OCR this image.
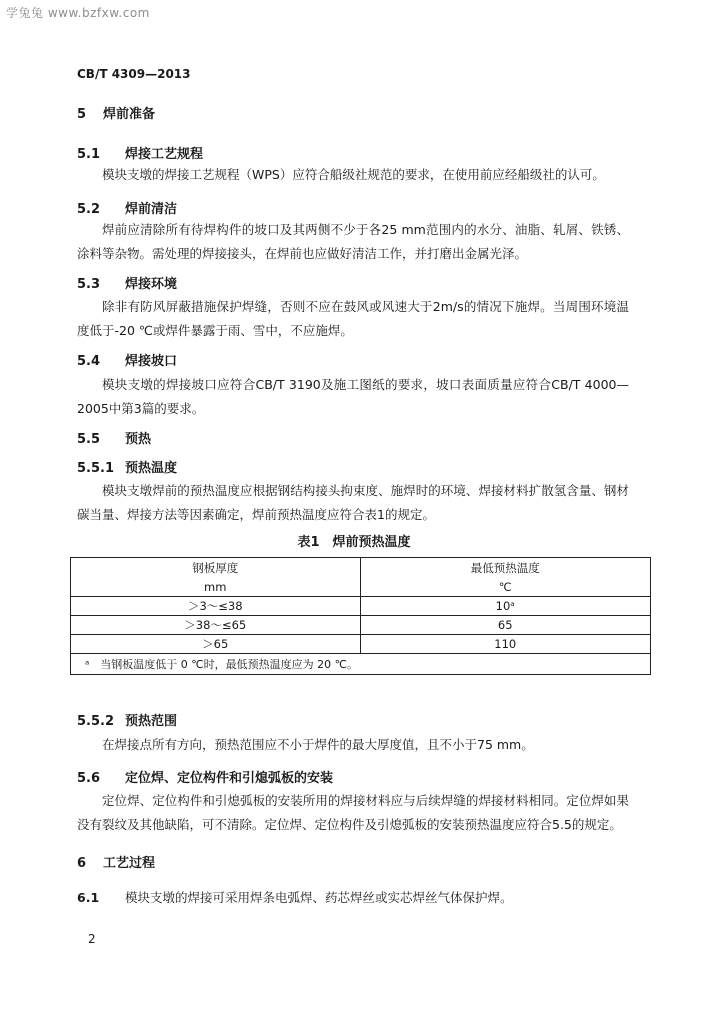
学兔兔 www.bzfxw.com
CB/T 4309—2013
5 焊前准备
5.1 焊接工艺规程
模块支墩的焊接工艺规程（WPS）应符合船级社规范的要求，在使用前应经船级社的认可。
5.2 焊前清洁
焊前应清除所有待焊构件的坡口及其两侧不少于各25 mm范围内的水分、油脂、轧屑、铁锈、涂料等杂物。需处理的焊接接头，在焊前也应做好清洁工作，并打磨出金属光泽。
5.3 焊接环境
除非有防风屏蔽措施保护焊缝，否则不应在鼓风或风速大于2m/s的情况下施焊。当周围环境温度低于-20 ℃或焊件暴露于雨、雪中，不应施焊。
5.4 焊接坡口
模块支墩的焊接坡口应符合CB/T 3190及施工图纸的要求，坡口表面质量应符合CB/T 4000—2005中第3篇的要求。
5.5 预热
5.5.1 预热温度
模块支墩焊前的预热温度应根据钢结构接头拘束度、施焊时的环境、焊接材料扩散氢含量、钢材碳当量、焊接方法等因素确定，焊前预热温度应符合表1的规定。
表1　焊前预热温度
钢板厚度	最低预热温度
mm	℃
＞3～≤38	10ᵃ
＞38～≤65	65
＞65	110
ᵃ　当钢板温度低于 0 ℃时，最低预热温度应为 20 ℃。	
5.5.2 预热范围
在焊接点所有方向，预热范围应不小于焊件的最大厚度值，且不小于75 mm。
5.6 定位焊、定位构件和引熄弧板的安装
定位焊、定位构件和引熄弧板的安装所用的焊接材料应与后续焊缝的焊接材料相同。定位焊如果没有裂纹及其他缺陷，可不清除。定位焊、定位构件及引熄弧板的安装预热温度应符合5.5的规定。
6 工艺过程
6.1 模块支墩的焊接可采用焊条电弧焊、药芯焊丝或实芯焊丝气体保护焊。
2
